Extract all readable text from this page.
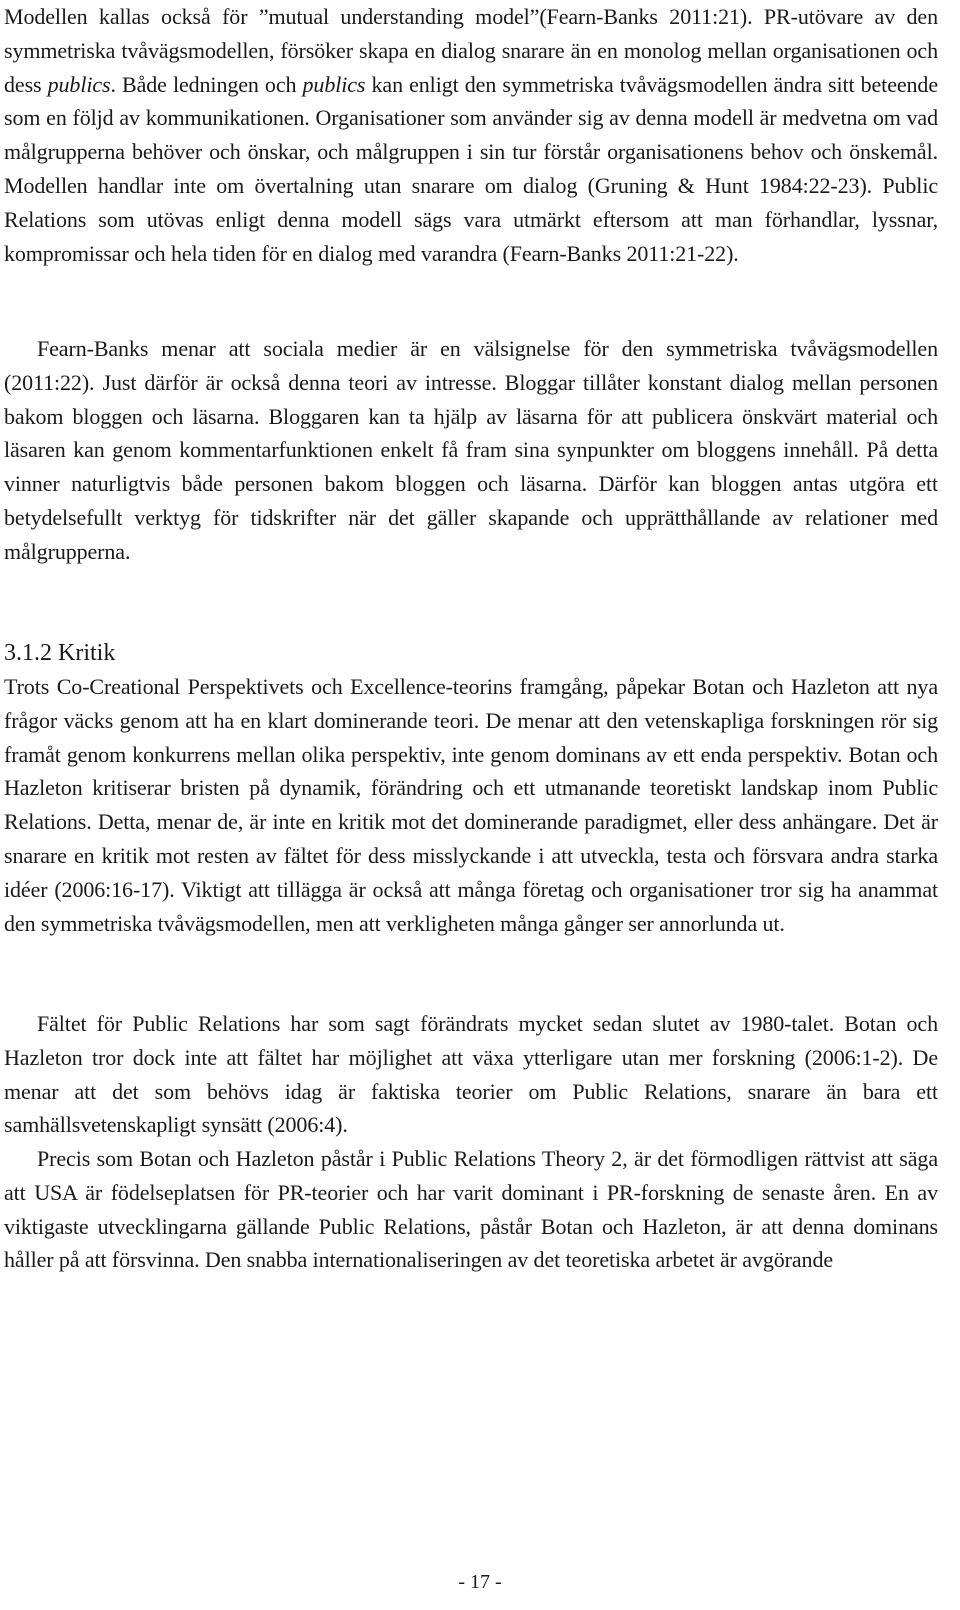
Modellen kallas också för ”mutual understanding model”(Fearn-Banks 2011:21). PR-utövare av den symmetriska tvåvägsmodellen, försöker skapa en dialog snarare än en monolog mellan organisationen och dess publics. Både ledningen och publics kan enligt den symmetriska tvåvägsmodellen ändra sitt beteende som en följd av kommunikationen. Organisationer som använder sig av denna modell är medvetna om vad målgrupperna behöver och önskar, och målgruppen i sin tur förstår organisationens behov och önskemål. Modellen handlar inte om övertalning utan snarare om dialog (Gruning & Hunt 1984:22-23). Public Relations som utövas enligt denna modell sägs vara utmärkt eftersom att man förhandlar, lyssnar, kompromissar och hela tiden för en dialog med varandra (Fearn-Banks 2011:21-22).

Fearn-Banks menar att sociala medier är en välsignelse för den symmetriska tvåvägsmodellen (2011:22). Just därför är också denna teori av intresse. Bloggar tillåter konstant dialog mellan personen bakom bloggen och läsarna. Bloggaren kan ta hjälp av läsarna för att publicera önskvärt material och läsaren kan genom kommentarfunktionen enkelt få fram sina synpunkter om bloggens innehåll. På detta vinner naturligtvis både personen bakom bloggen och läsarna. Därför kan bloggen antas utgöra ett betydelsefullt verktyg för tidskrifter när det gäller skapande och upprätthållande av relationer med målgrupperna.

3.1.2 Kritik

Trots Co-Creational Perspektivets och Excellence-teorins framgång, påpekar Botan och Hazleton att nya frågor väcks genom att ha en klart dominerande teori. De menar att den vetenskapliga forskningen rör sig framåt genom konkurrens mellan olika perspektiv, inte genom dominans av ett enda perspektiv. Botan och Hazleton kritiserar bristen på dynamik, förändring och ett utmanande teoretiskt landskap inom Public Relations. Detta, menar de, är inte en kritik mot det dominerande paradigmet, eller dess anhängare. Det är snarare en kritik mot resten av fältet för dess misslyckande i att utveckla, testa och försvara andra starka idéer (2006:16-17). Viktigt att tillägga är också att många företag och organisationer tror sig ha anammat den symmetriska tvåvägsmodellen, men att verkligheten många gånger ser annorlunda ut.

Fältet för Public Relations har som sagt förändrats mycket sedan slutet av 1980-talet. Botan och Hazleton tror dock inte att fältet har möjlighet att växa ytterligare utan mer forskning (2006:1-2). De menar att det som behövs idag är faktiska teorier om Public Relations, snarare än bara ett samhällsvetenskapligt synsätt (2006:4).

Precis som Botan och Hazleton påstår i Public Relations Theory 2, är det förmodligen rättvist att säga att USA är födelseplatsen för PR-teorier och har varit dominant i PR-forskning de senaste åren. En av viktigaste utvecklingarna gällande Public Relations, påstår Botan och Hazleton, är att denna dominans håller på att försvinna. Den snabba internationaliseringen av det teoretiska arbetet är avgörande

- 17 -
